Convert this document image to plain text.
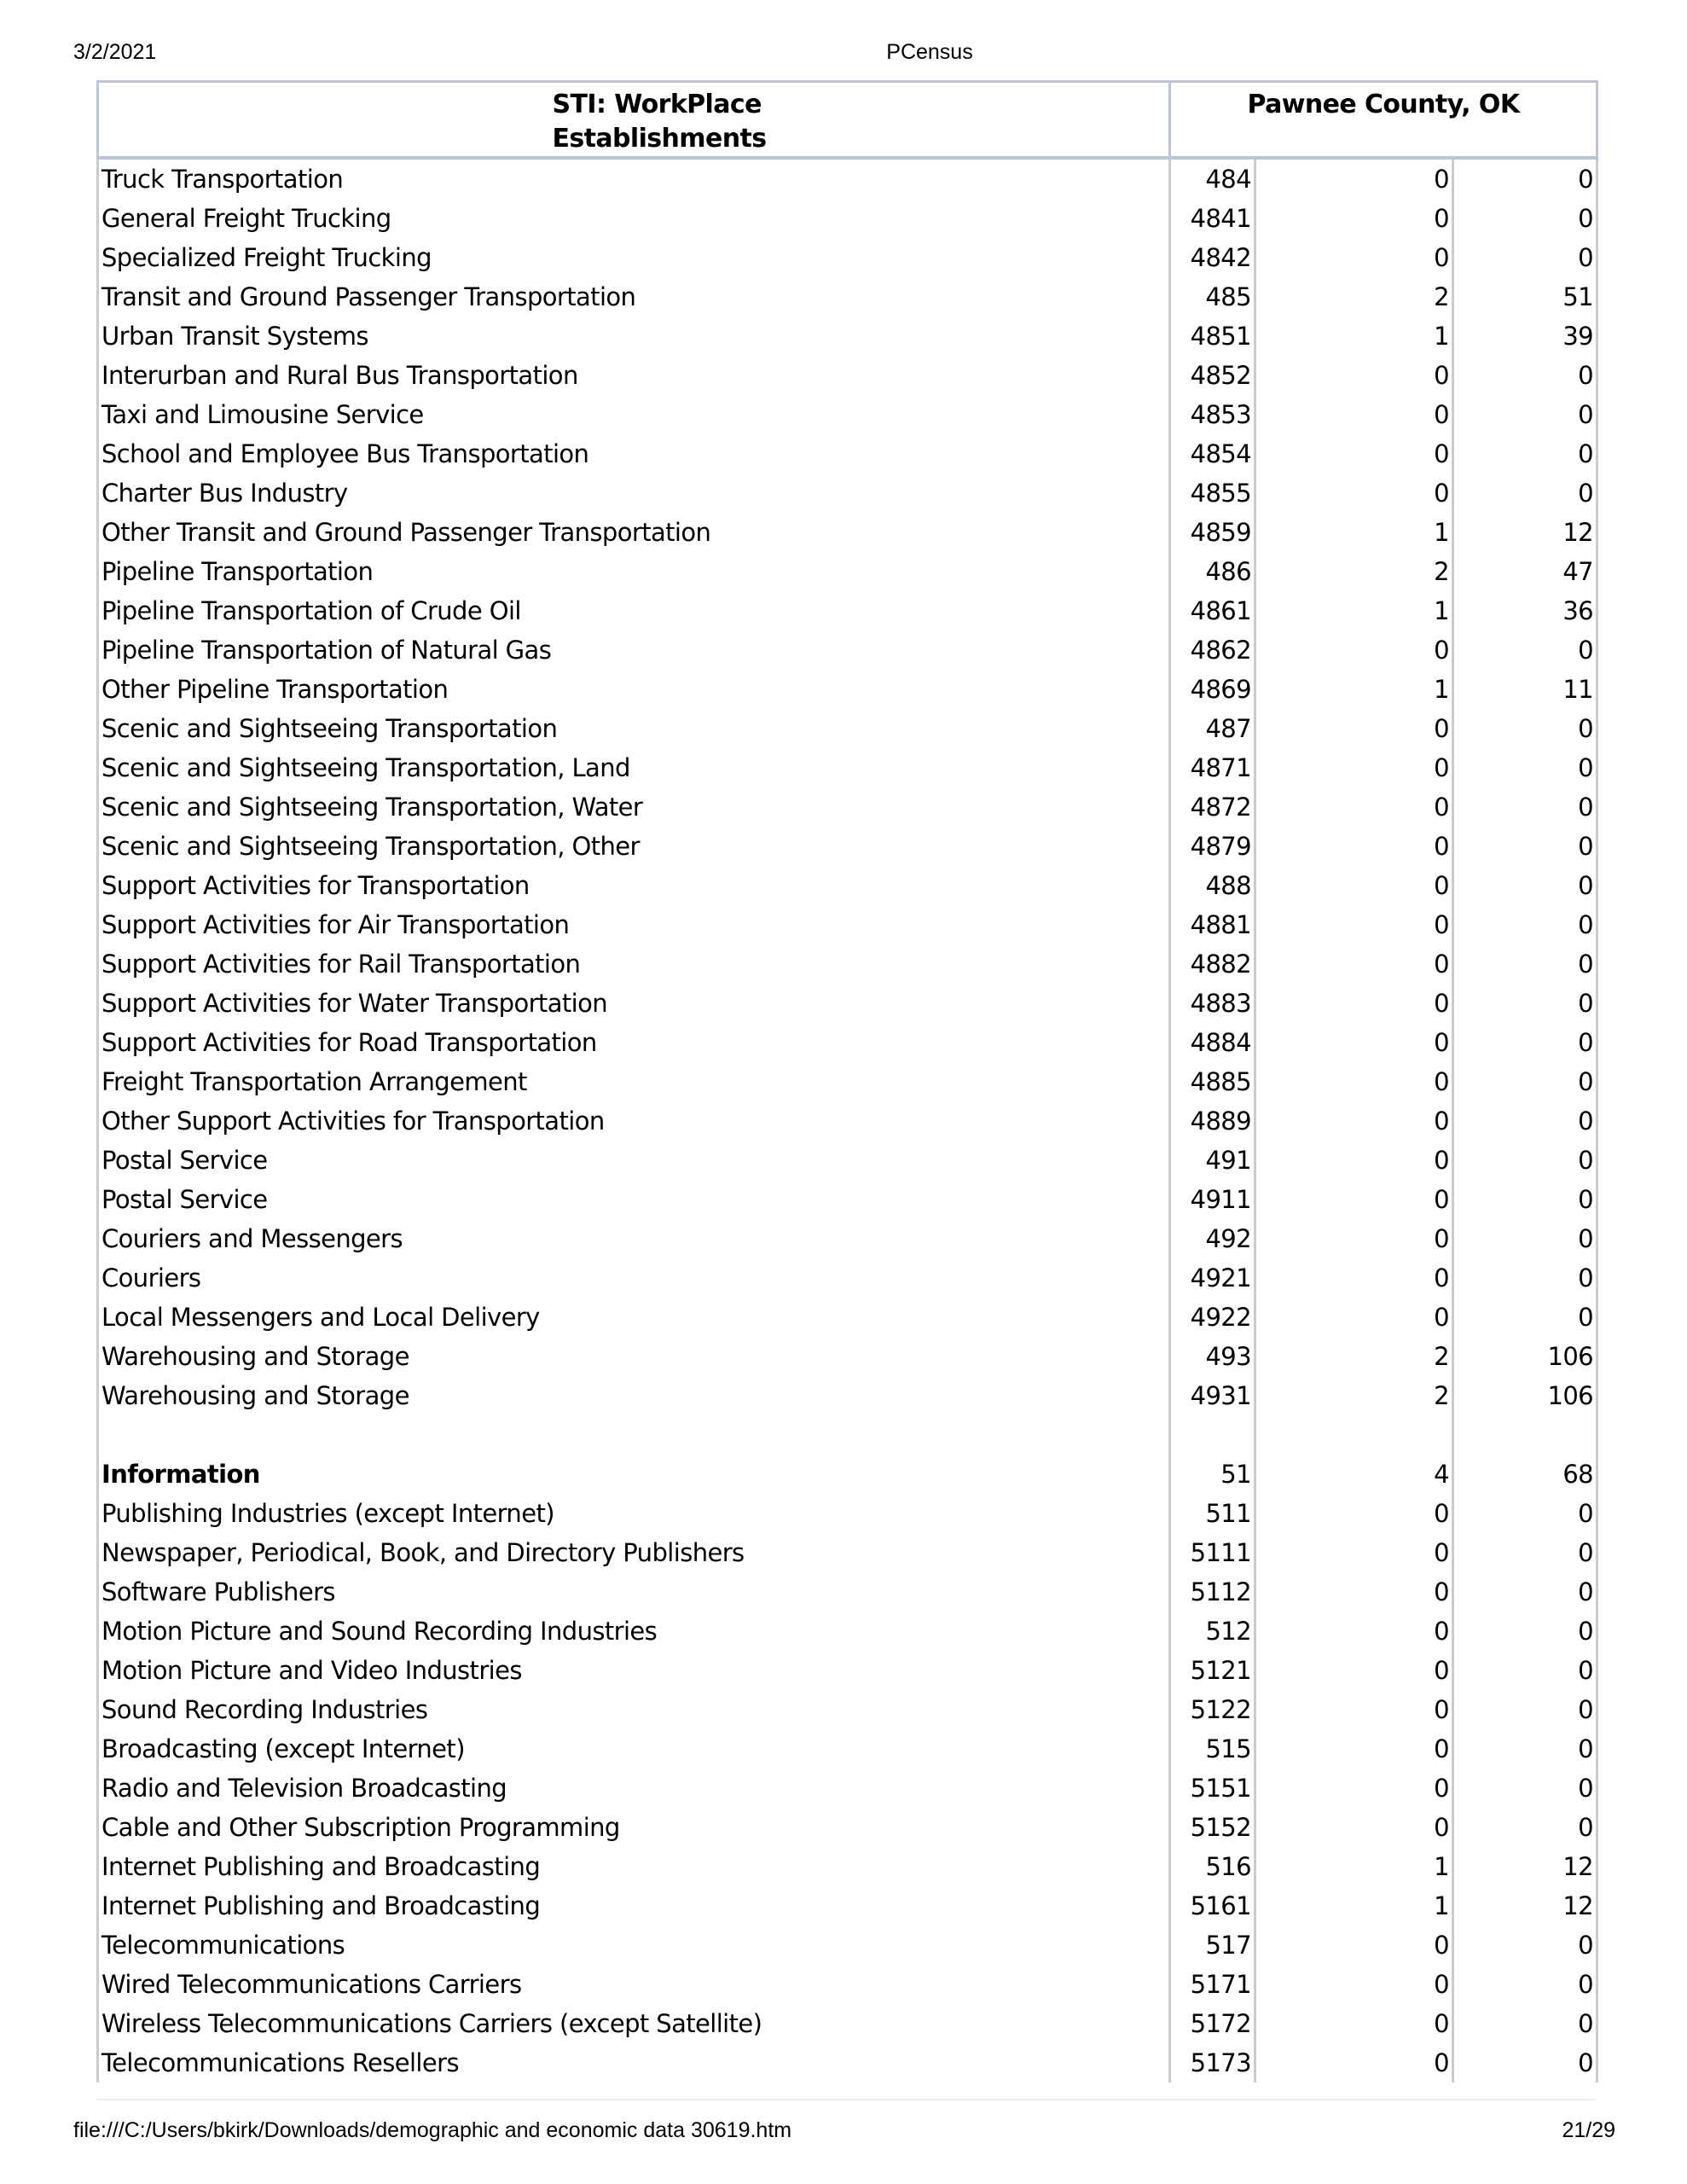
3/2/2021	PCensus
STI: WorkPlace
Establishments	Pawnee County, OK		
Truck Transportation	484	0	0
General Freight Trucking	4841	0	0
Specialized Freight Trucking	4842	0	0
Transit and Ground Passenger Transportation	485	2	51
Urban Transit Systems	4851	1	39
Interurban and Rural Bus Transportation	4852	0	0
Taxi and Limousine Service	4853	0	0
School and Employee Bus Transportation	4854	0	0
Charter Bus Industry	4855	0	0
Other Transit and Ground Passenger Transportation	4859	1	12
Pipeline Transportation	486	2	47
Pipeline Transportation of Crude Oil	4861	1	36
Pipeline Transportation of Natural Gas	4862	0	0
Other Pipeline Transportation	4869	1	11
Scenic and Sightseeing Transportation	487	0	0
Scenic and Sightseeing Transportation, Land	4871	0	0
Scenic and Sightseeing Transportation, Water	4872	0	0
Scenic and Sightseeing Transportation, Other	4879	0	0
Support Activities for Transportation	488	0	0
Support Activities for Air Transportation	4881	0	0
Support Activities for Rail Transportation	4882	0	0
Support Activities for Water Transportation	4883	0	0
Support Activities for Road Transportation	4884	0	0
Freight Transportation Arrangement	4885	0	0
Other Support Activities for Transportation	4889	0	0
Postal Service	491	0	0
Postal Service	4911	0	0
Couriers and Messengers	492	0	0
Couriers	4921	0	0
Local Messengers and Local Delivery	4922	0	0
Warehousing and Storage	493	2	106
Warehousing and Storage	4931	2	106

Information	51	4	68
Publishing Industries (except Internet)	511	0	0
Newspaper, Periodical, Book, and Directory Publishers	5111	0	0
Software Publishers	5112	0	0
Motion Picture and Sound Recording Industries	512	0	0
Motion Picture and Video Industries	5121	0	0
Sound Recording Industries	5122	0	0
Broadcasting (except Internet)	515	0	0
Radio and Television Broadcasting	5151	0	0
Cable and Other Subscription Programming	5152	0	0
Internet Publishing and Broadcasting	516	1	12
Internet Publishing and Broadcasting	5161	1	12
Telecommunications	517	0	0
Wired Telecommunications Carriers	5171	0	0
Wireless Telecommunications Carriers (except Satellite)	5172	0	0
Telecommunications Resellers	5173	0	0
file:///C:/Users/bkirk/Downloads/demographic and economic data 30619.htm	21/29
